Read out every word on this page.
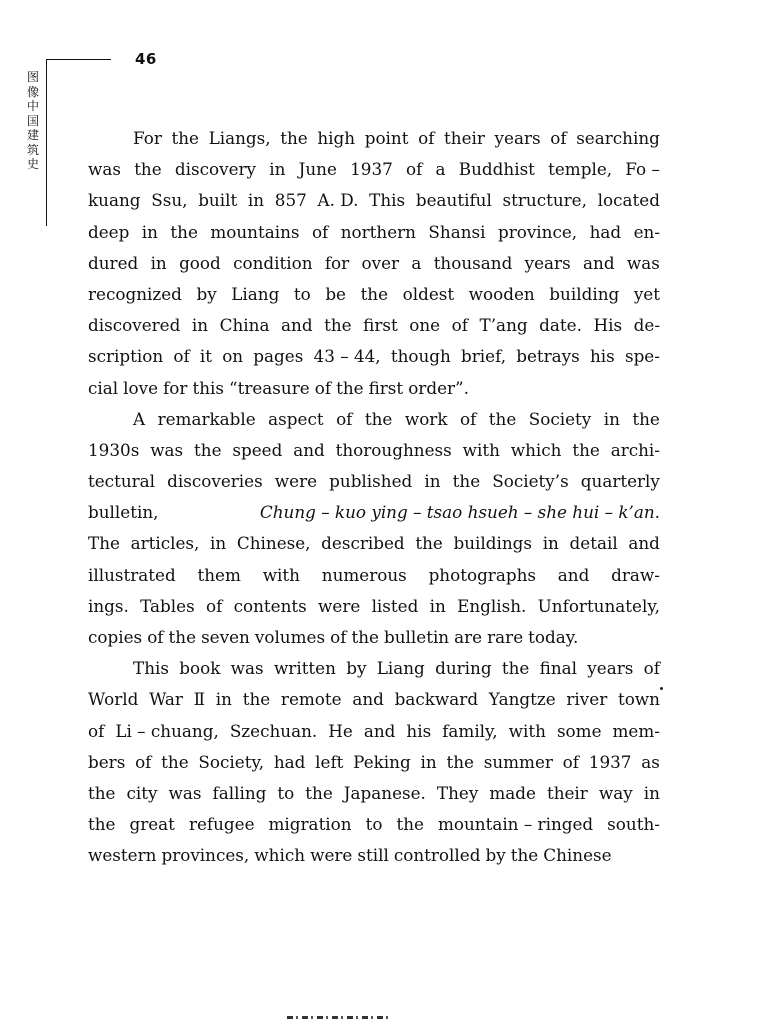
46
图
像
中
国
建
筑
史
For the Liangs, the high point of their years of searching
was the discovery in June 1937 of a Buddhist temple, Fo –
kuang Ssu, built in 857 A. D. This beautiful structure, located
deep in the mountains of northern Shansi province, had en-
dured in good condition for over a thousand years and was
recognized by Liang to be the oldest wooden building yet
discovered in China and the first one of T’ang date. His de-
scription of it on pages 43 – 44, though brief, betrays his spe-
cial love for this “treasure of the first order”.
A remarkable aspect of the work of the Society in the
1930s was the speed and thoroughness with which the archi-
tectural discoveries were published in the Society’s quarterly
bulletin,	Chung – kuo ying – tsao hsueh – she hui – k’an.
The articles, in Chinese, described the buildings in detail and
illustrated them with numerous photographs and draw-
ings. Tables of contents were listed in English. Unfortunately,
copies of the seven volumes of the bulletin are rare today.
This book was written by Liang during the final years of
World War Ⅱ in the remote and backward Yangtze river town
of Li – chuang, Szechuan. He and his family, with some mem-
bers of the Society, had left Peking in the summer of 1937 as
the city was falling to the Japanese. They made their way in
the great refugee migration to the mountain – ringed south-
western provinces, which were still controlled by the Chinese
